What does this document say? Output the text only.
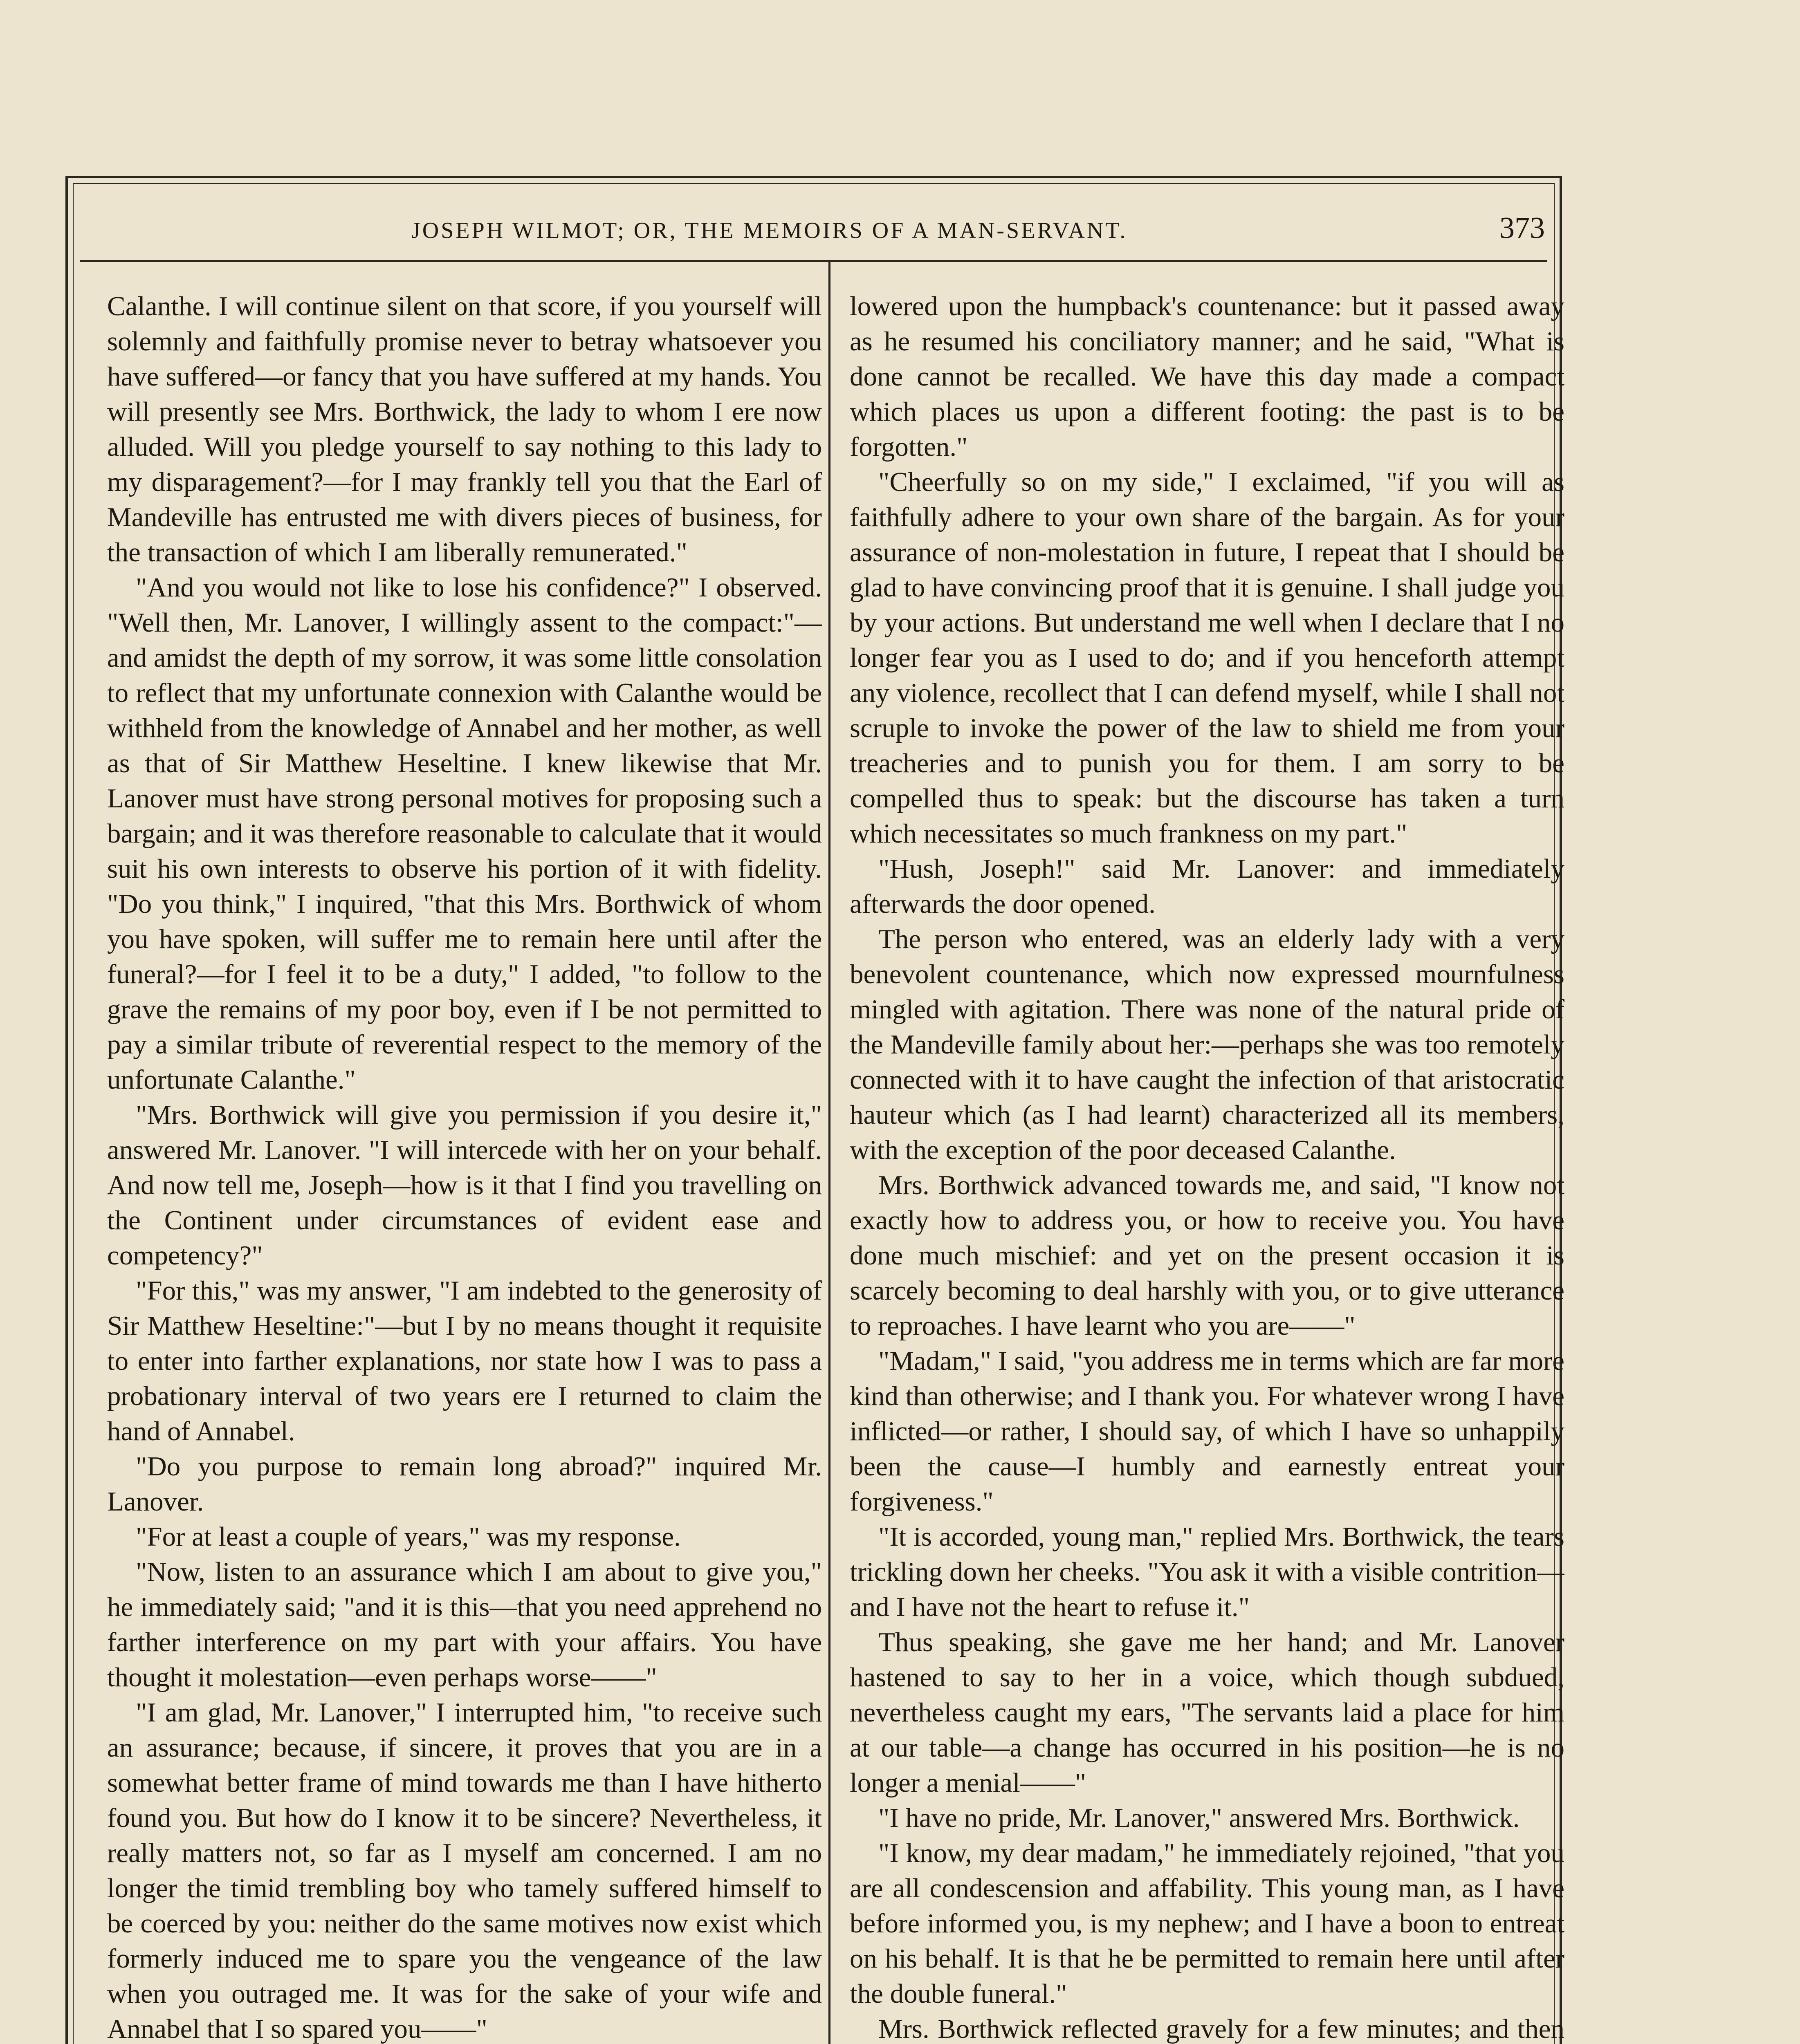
JOSEPH WILMOT; OR, THE MEMOIRS OF A MAN-SERVANT.	373

Calanthe. I will continue silent on that score, if you yourself will solemnly and faithfully promise never to betray whatsoever you have suffered—or fancy that you have suffered at my hands. You will presently see Mrs. Borthwick, the lady to whom I ere now alluded. Will you pledge yourself to say nothing to this lady to my disparagement?—for I may frankly tell you that the Earl of Mandeville has entrusted me with divers pieces of business, for the transaction of which I am liberally remunerated."

"And you would not like to lose his confidence?" I observed. "Well then, Mr. Lanover, I willingly assent to the compact:"—and amidst the depth of my sorrow, it was some little consolation to reflect that my unfortunate connexion with Calanthe would be withheld from the knowledge of Annabel and her mother, as well as that of Sir Matthew Heseltine. I knew likewise that Mr. Lanover must have strong personal motives for proposing such a bargain; and it was therefore reasonable to calculate that it would suit his own interests to observe his portion of it with fidelity. "Do you think," I inquired, "that this Mrs. Borthwick of whom you have spoken, will suffer me to remain here until after the funeral?—for I feel it to be a duty," I added, "to follow to the grave the remains of my poor boy, even if I be not permitted to pay a similar tribute of reverential respect to the memory of the unfortunate Calanthe."

"Mrs. Borthwick will give you permission if you desire it," answered Mr. Lanover. "I will intercede with her on your behalf. And now tell me, Joseph—how is it that I find you travelling on the Continent under circumstances of evident ease and competency?"

"For this," was my answer, "I am indebted to the generosity of Sir Matthew Heseltine:"—but I by no means thought it requisite to enter into farther explanations, nor state how I was to pass a probationary interval of two years ere I returned to claim the hand of Annabel.

"Do you purpose to remain long abroad?" inquired Mr. Lanover.

"For at least a couple of years," was my response.

"Now, listen to an assurance which I am about to give you," he immediately said; "and it is this—that you need apprehend no farther interference on my part with your affairs. You have thought it molestation—even perhaps worse——"

"I am glad, Mr. Lanover," I interrupted him, "to receive such an assurance; because, if sincere, it proves that you are in a somewhat better frame of mind towards me than I have hitherto found you. But how do I know it to be sincere? Nevertheless, it really matters not, so far as I myself am concerned. I am no longer the timid trembling boy who tamely suffered himself to be coerced by you: neither do the same motives now exist which formerly induced me to spare you the vengeance of the law when you outraged me. It was for the sake of your wife and Annabel that I so spared you——"

lowered upon the humpback's countenance: but it passed away as he resumed his conciliatory manner; and he said, "What is done cannot be recalled. We have this day made a compact which places us upon a different footing: the past is to be forgotten."

"Cheerfully so on my side," I exclaimed, "if you will as faithfully adhere to your own share of the bargain. As for your assurance of non-molestation in future, I repeat that I should be glad to have convincing proof that it is genuine. I shall judge you by your actions. But understand me well when I declare that I no longer fear you as I used to do; and if you henceforth attempt any violence, recollect that I can defend myself, while I shall not scruple to invoke the power of the law to shield me from your treacheries and to punish you for them. I am sorry to be compelled thus to speak: but the discourse has taken a turn which necessitates so much frankness on my part."

"Hush, Joseph!" said Mr. Lanover: and immediately afterwards the door opened.

The person who entered, was an elderly lady with a very benevolent countenance, which now expressed mournfulness mingled with agitation. There was none of the natural pride of the Mandeville family about her:—perhaps she was too remotely connected with it to have caught the infection of that aristocratic hauteur which (as I had learnt) characterized all its members, with the exception of the poor deceased Calanthe.

Mrs. Borthwick advanced towards me, and said, "I know not exactly how to address you, or how to receive you. You have done much mischief: and yet on the present occasion it is scarcely becoming to deal harshly with you, or to give utterance to reproaches. I have learnt who you are——"

"Madam," I said, "you address me in terms which are far more kind than otherwise; and I thank you. For whatever wrong I have inflicted—or rather, I should say, of which I have so unhappily been the cause—I humbly and earnestly entreat your forgiveness."

"It is accorded, young man," replied Mrs. Borthwick, the tears trickling down her cheeks. "You ask it with a visible contrition—and I have not the heart to refuse it."

Thus speaking, she gave me her hand; and Mr. Lanover hastened to say to her in a voice, which though subdued, nevertheless caught my ears, "The servants laid a place for him at our table—a change has occurred in his position—he is no longer a menial——"

"I have no pride, Mr. Lanover," answered Mrs. Borthwick.

"I know, my dear madam," he immediately rejoined, "that you are all condescension and affability. This young man, as I have before informed you, is my nephew; and I have a boon to entreat on his behalf. It is that he be permitted to remain here until after the double funeral."

Mrs. Borthwick reflected gravely for a few minutes; and then
